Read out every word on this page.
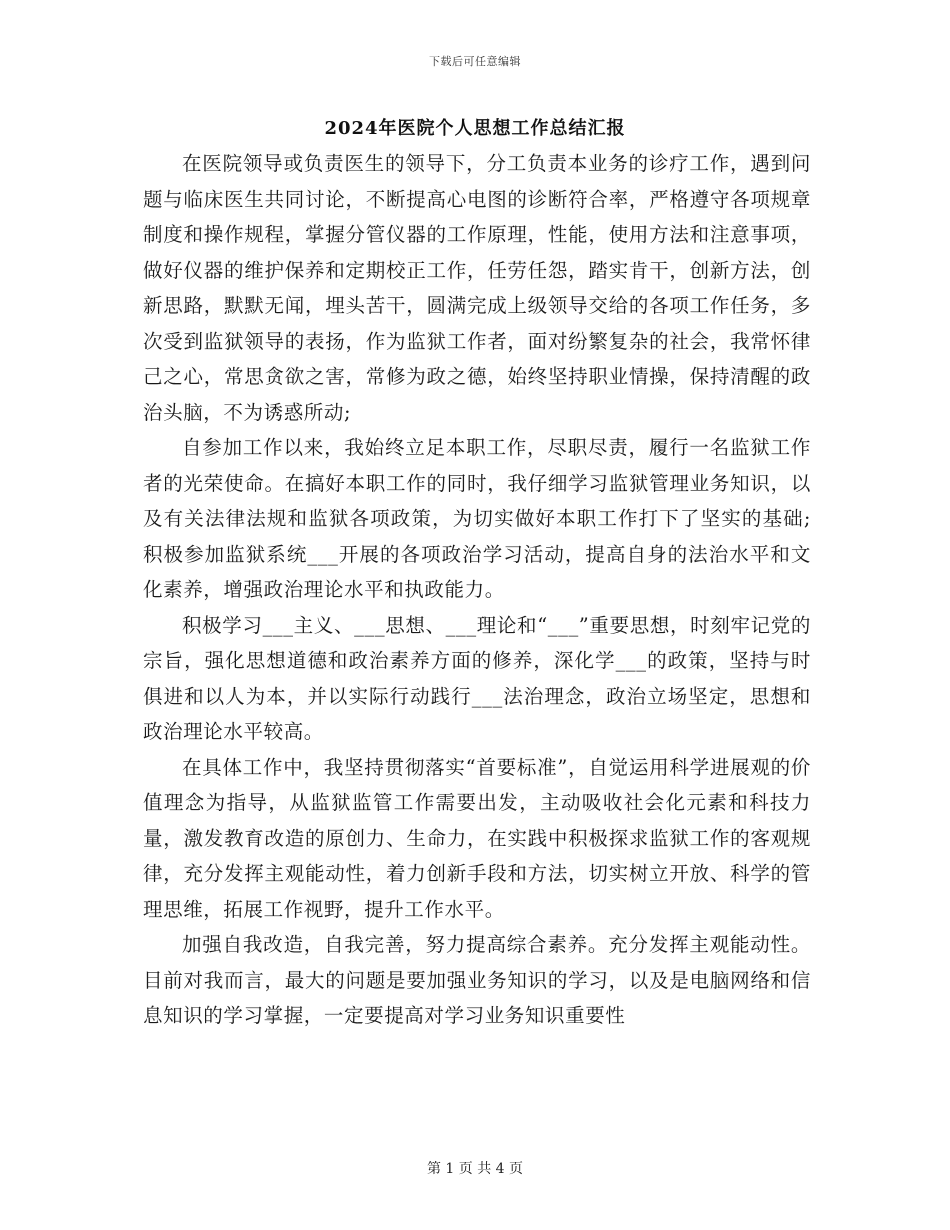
下载后可任意编辑
2024年医院个人思想工作总结汇报

在医院领导或负责医生的领导下，分工负责本业务的诊疗工作，遇到问题与临床医生共同讨论，不断提高心电图的诊断符合率，严格遵守各项规章制度和操作规程，掌握分管仪器的工作原理，性能，使用方法和注意事项，做好仪器的维护保养和定期校正工作，任劳任怨，踏实肯干，创新方法，创新思路，默默无闻，埋头苦干，圆满完成上级领导交给的各项工作任务，多次受到监狱领导的表扬，作为监狱工作者，面对纷繁复杂的社会，我常怀律己之心，常思贪欲之害，常修为政之德，始终坚持职业情操，保持清醒的政治头脑，不为诱惑所动;

自参加工作以来，我始终立足本职工作，尽职尽责，履行一名监狱工作者的光荣使命。在搞好本职工作的同时，我仔细学习监狱管理业务知识，以及有关法律法规和监狱各项政策，为切实做好本职工作打下了坚实的基础;积极参加监狱系统___开展的各项政治学习活动，提高自身的法治水平和文化素养，增强政治理论水平和执政能力。

积极学习___主义、___思想、___理论和“___”重要思想，时刻牢记党的宗旨，强化思想道德和政治素养方面的修养，深化学___的政策，坚持与时俱进和以人为本，并以实际行动践行___法治理念，政治立场坚定，思想和政治理论水平较高。

在具体工作中，我坚持贯彻落实“首要标准”，自觉运用科学进展观的价值理念为指导，从监狱监管工作需要出发，主动吸收社会化元素和科技力量，激发教育改造的原创力、生命力，在实践中积极探求监狱工作的客观规律，充分发挥主观能动性，着力创新手段和方法，切实树立开放、科学的管理思维，拓展工作视野，提升工作水平。

加强自我改造，自我完善，努力提高综合素养。充分发挥主观能动性。目前对我而言，最大的问题是要加强业务知识的学习，以及是电脑网络和信息知识的学习掌握，一定要提高对学习业务知识重要性

第 1 页 共 4 页
